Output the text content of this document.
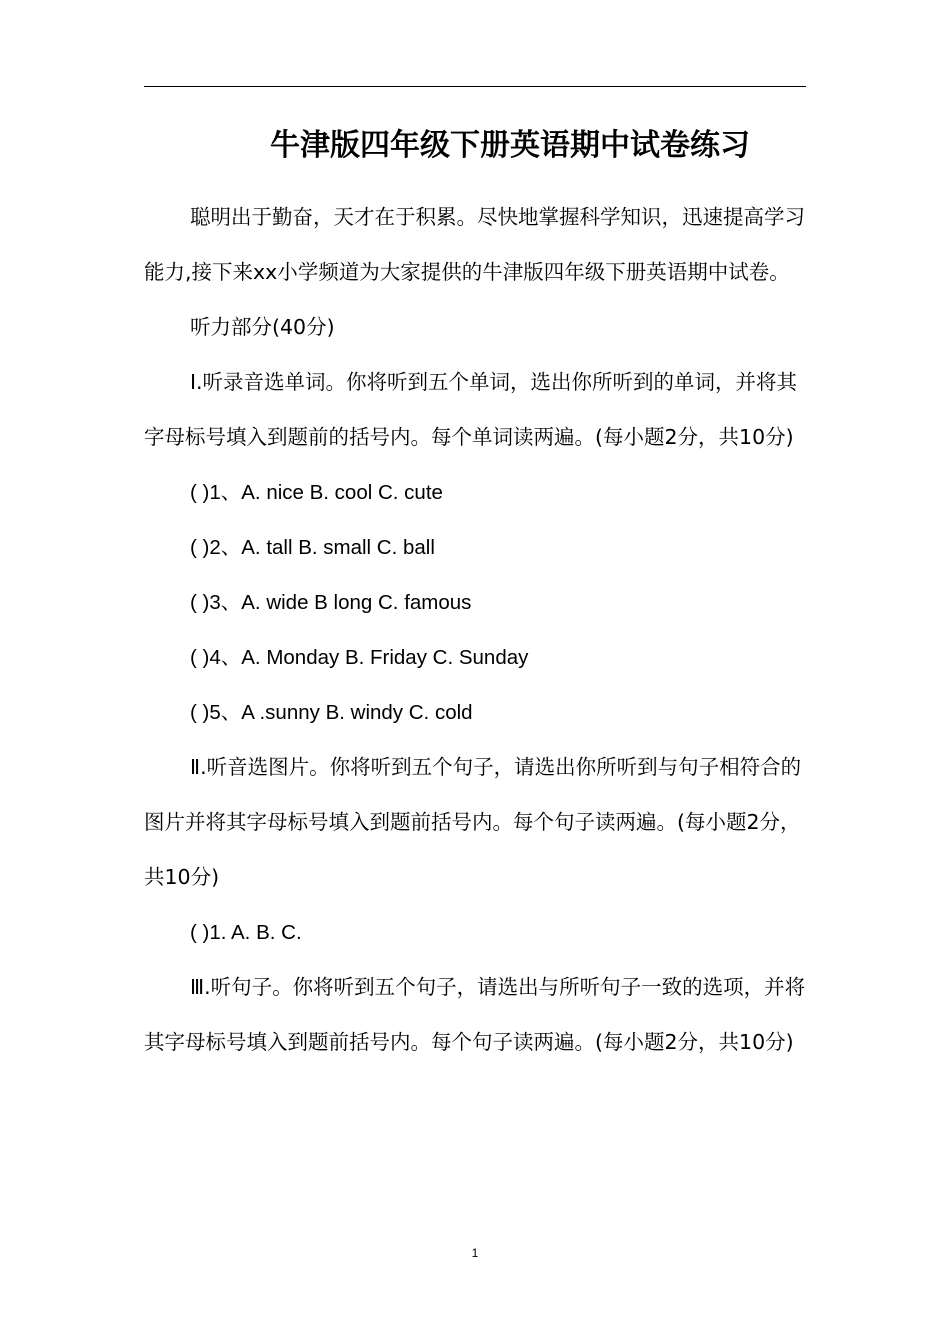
牛津版四年级下册英语期中试卷练习

聪明出于勤奋，天才在于积累。尽快地掌握科学知识，迅速提高学习能力,接下来xx小学频道为大家提供的牛津版四年级下册英语期中试卷。

听力部分(40分)

Ⅰ.听录音选单词。你将听到五个单词，选出你所听到的单词，并将其字母标号填入到题前的括号内。每个单词读两遍。(每小题2分，共10分)

( )1、A. nice B. cool C. cute

( )2、A. tall B. small C. ball

( )3、A. wide B long C. famous

( )4、A. Monday B. Friday C. Sunday

( )5、A .sunny B. windy C. cold

Ⅱ.听音选图片。你将听到五个句子，请选出你所听到与句子相符合的图片并将其字母标号填入到题前括号内。每个句子读两遍。(每小题2分，共10分)

( )1. A. B. C.

Ⅲ.听句子。你将听到五个句子，请选出与所听句子一致的选项，并将其字母标号填入到题前括号内。每个句子读两遍。(每小题2分，共10分)

1
